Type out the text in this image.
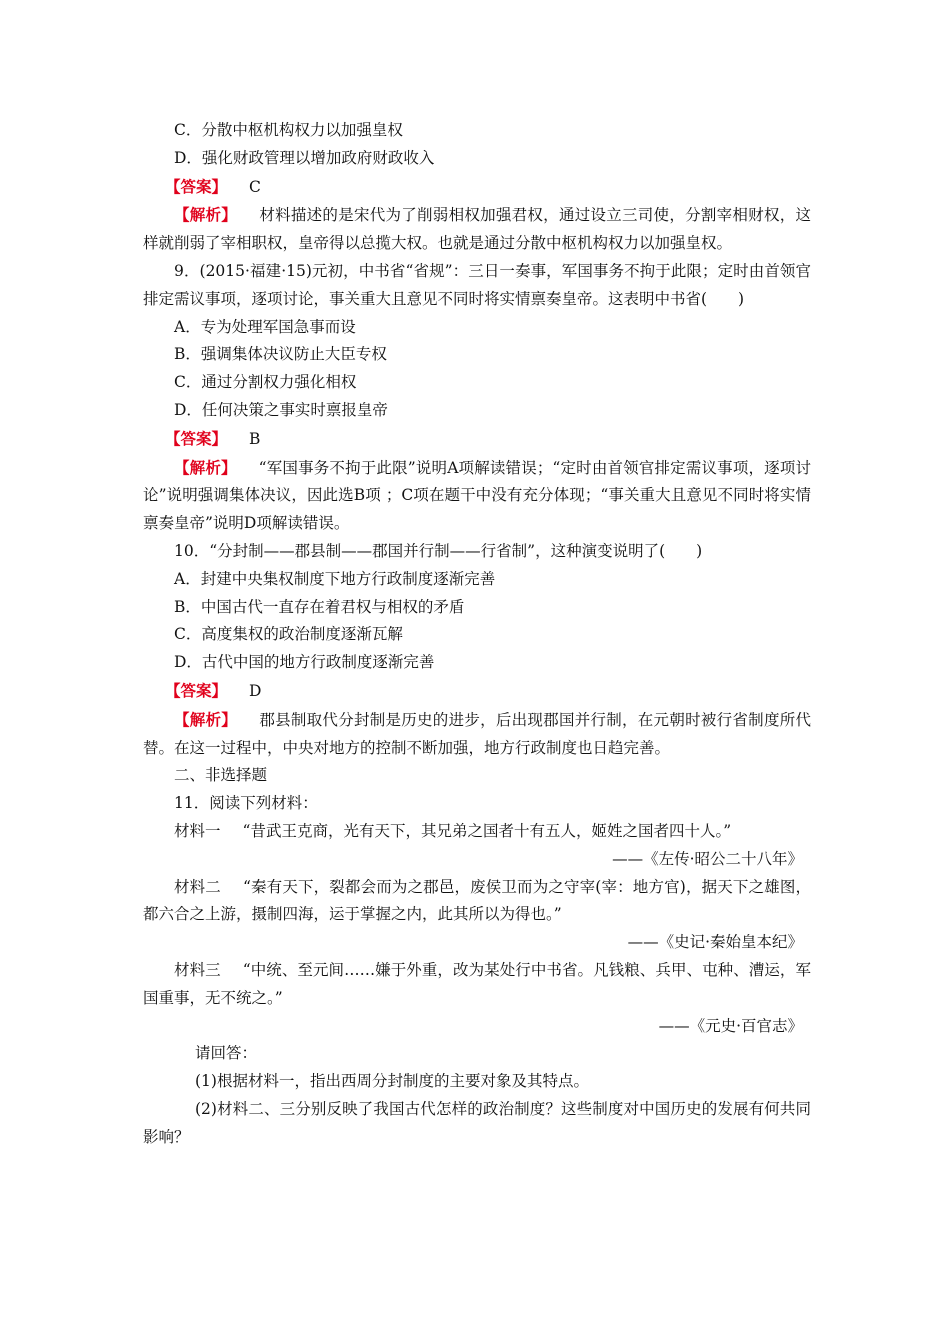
C．分散中枢机构权力以加强皇权
D．强化财政管理以增加政府财政收入
【答案】 C
【解析】 材料描述的是宋代为了削弱相权加强君权，通过设立三司使，分割宰相财权，这样就削弱了宰相职权，皇帝得以总揽大权。也就是通过分散中枢机构权力以加强皇权。
9．(2015·福建·15)元初，中书省“省规”：三日一奏事，军国事务不拘于此限；定时由首领官排定需议事项，逐项讨论，事关重大且意见不同时将实情禀奏皇帝。这表明中书省(　　)
A．专为处理军国急事而设
B．强调集体决议防止大臣专权
C．通过分割权力强化相权
D．任何决策之事实时禀报皇帝
【答案】 B
【解析】 “军国事务不拘于此限”说明A项解读错误；“定时由首领官排定需议事项，逐项讨论”说明强调集体决议，因此选B项 ；C项在题干中没有充分体现；“事关重大且意见不同时将实情禀奏皇帝”说明D项解读错误。
10．“分封制——郡县制——郡国并行制——行省制”，这种演变说明了(　　)
A．封建中央集权制度下地方行政制度逐渐完善
B．中国古代一直存在着君权与相权的矛盾
C．高度集权的政治制度逐渐瓦解
D．古代中国的地方行政制度逐渐完善
【答案】 D
【解析】 郡县制取代分封制是历史的进步，后出现郡国并行制，在元朝时被行省制度所代替。在这一过程中，中央对地方的控制不断加强，地方行政制度也日趋完善。
二、非选择题
11．阅读下列材料：
材料一 “昔武王克商，光有天下，其兄弟之国者十有五人，姬姓之国者四十人。”
——《左传·昭公二十八年》
材料二 “秦有天下，裂都会而为之郡邑，废侯卫而为之守宰(宰：地方官)，据天下之雄图，都六合之上游，摄制四海，运于掌握之内，此其所以为得也。”
——《史记·秦始皇本纪》
材料三 “中统、至元间……嫌于外重，改为某处行中书省。凡钱粮、兵甲、屯种、漕运，军国重事，无不统之。”
——《元史·百官志》
请回答：
(1)根据材料一，指出西周分封制度的主要对象及其特点。
(2)材料二、三分别反映了我国古代怎样的政治制度？这些制度对中国历史的发展有何共同影响？
